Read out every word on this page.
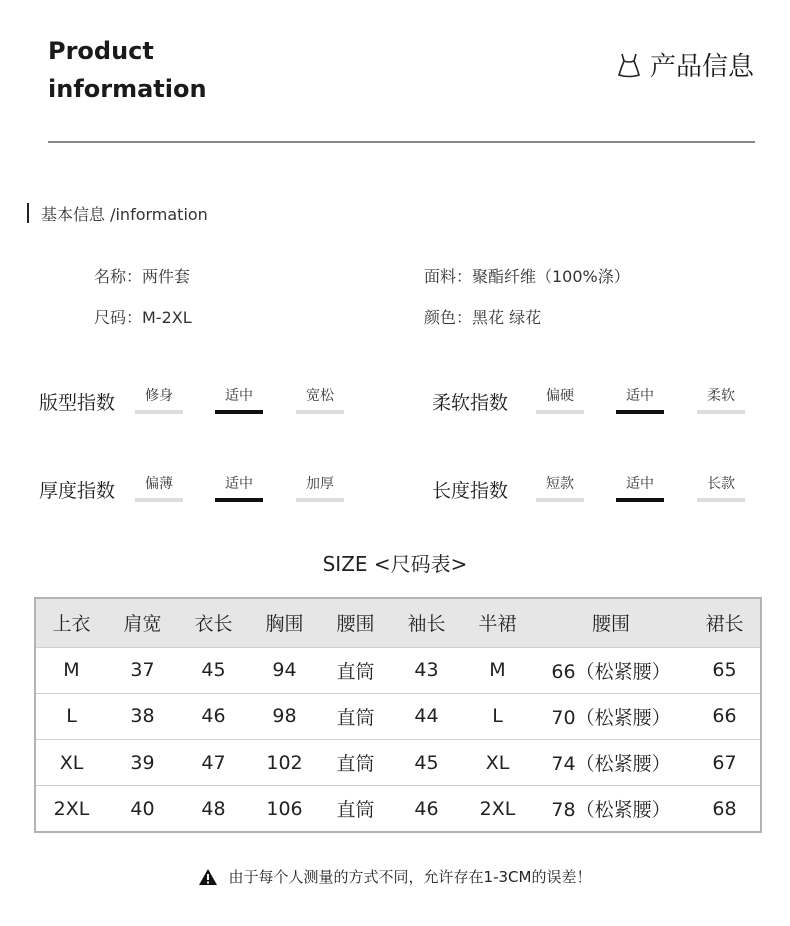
Product
information
产品信息
基本信息 /information
名称：两件套	面料：聚酯纤维（100%涤）
尺码：M-2XL	颜色：黑花 绿花
版型指数	修身	适中	宽松	柔软指数	偏硬	适中	柔软
厚度指数	偏薄	适中	加厚	长度指数	短款	适中	长款
SIZE <尺码表>
上衣	肩宽	衣长	胸围	腰围	袖长	半裙	腰围	裙长
M	37	45	94	直筒	43	M	66（松紧腰）	65
L	38	46	98	直筒	44	L	70（松紧腰）	66
XL	39	47	102	直筒	45	XL	74（松紧腰）	67
2XL	40	48	106	直筒	46	2XL	78（松紧腰）	68
由于每个人测量的方式不同，允许存在1-3CM的误差！
